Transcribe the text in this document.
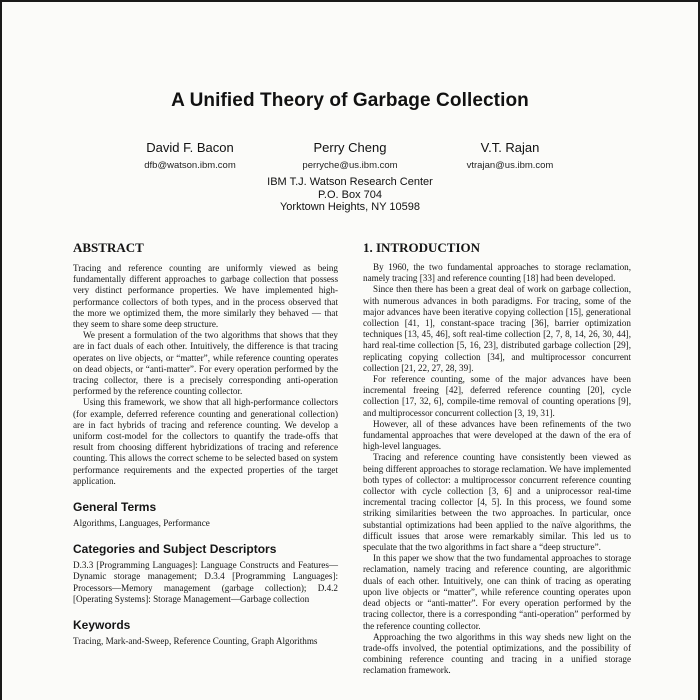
A Unified Theory of Garbage Collection
David F. Bacon
dfb@watson.ibm.com
Perry Cheng
perryche@us.ibm.com
V.T. Rajan
vtrajan@us.ibm.com
IBM T.J. Watson Research Center
P.O. Box 704
Yorktown Heights, NY 10598
ABSTRACT

Tracing and reference counting are uniformly viewed as being fundamentally different approaches to garbage collection that possess very distinct performance properties. We have implemented high-performance collectors of both types, and in the process observed that the more we optimized them, the more similarly they behaved — that they seem to share some deep structure.

We present a formulation of the two algorithms that shows that they are in fact duals of each other. Intuitively, the difference is that tracing operates on live objects, or “matter”, while reference counting operates on dead objects, or “anti-matter”. For every operation performed by the tracing collector, there is a precisely corresponding anti-operation performed by the reference counting collector.

Using this framework, we show that all high-performance collectors (for example, deferred reference counting and generational collection) are in fact hybrids of tracing and reference counting. We develop a uniform cost-model for the collectors to quantify the trade-offs that result from choosing different hybridizations of tracing and reference counting. This allows the correct scheme to be selected based on system performance requirements and the expected properties of the target application.

General Terms

Algorithms, Languages, Performance

Categories and Subject Descriptors

D.3.3 [Programming Languages]: Language Constructs and Features—Dynamic storage management; D.3.4 [Programming Languages]: Processors—Memory management (garbage collection); D.4.2 [Operating Systems]: Storage Management—Garbage collection

Keywords

Tracing, Mark-and-Sweep, Reference Counting, Graph Algorithms

1. INTRODUCTION

By 1960, the two fundamental approaches to storage reclamation, namely tracing [33] and reference counting [18] had been developed.

Since then there has been a great deal of work on garbage collection, with numerous advances in both paradigms. For tracing, some of the major advances have been iterative copying collection [15], generational collection [41, 1], constant-space tracing [36], barrier optimization techniques [13, 45, 46], soft real-time collection [2, 7, 8, 14, 26, 30, 44], hard real-time collection [5, 16, 23], distributed garbage collection [29], replicating copying collection [34], and multiprocessor concurrent collection [21, 22, 27, 28, 39].

For reference counting, some of the major advances have been incremental freeing [42], deferred reference counting [20], cycle collection [17, 32, 6], compile-time removal of counting operations [9], and multiprocessor concurrent collection [3, 19, 31].

However, all of these advances have been refinements of the two fundamental approaches that were developed at the dawn of the era of high-level languages.

Tracing and reference counting have consistently been viewed as being different approaches to storage reclamation. We have implemented both types of collector: a multiprocessor concurrent reference counting collector with cycle collection [3, 6] and a uniprocessor real-time incremental tracing collector [4, 5]. In this process, we found some striking similarities between the two approaches. In particular, once substantial optimizations had been applied to the naïve algorithms, the difficult issues that arose were remarkably similar. This led us to speculate that the two algorithms in fact share a “deep structure”.

In this paper we show that the two fundamental approaches to storage reclamation, namely tracing and reference counting, are algorithmic duals of each other. Intuitively, one can think of tracing as operating upon live objects or “matter”, while reference counting operates upon dead objects or “anti-matter”. For every operation performed by the tracing collector, there is a corresponding “anti-operation” performed by the reference counting collector.

Approaching the two algorithms in this way sheds new light on the trade-offs involved, the potential optimizations, and the possibility of combining reference counting and tracing in a unified storage reclamation framework.
